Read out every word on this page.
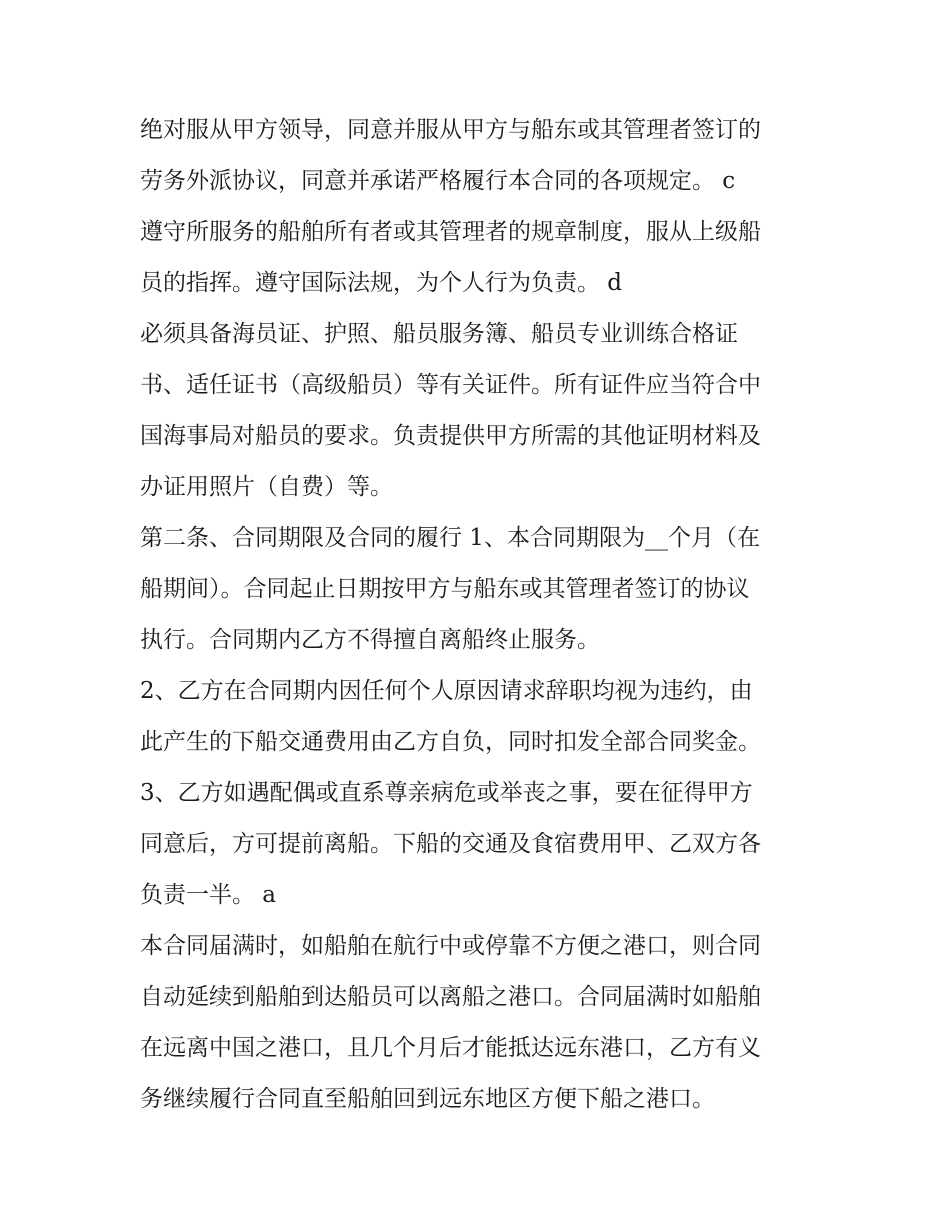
绝对服从甲方领导，同意并服从甲方与船东或其管理者签订的
劳务外派协议，同意并承诺严格履行本合同的各项规定。 c
遵守所服务的船舶所有者或其管理者的规章制度，服从上级船
员的指挥。遵守国际法规，为个人行为负责。 d
必须具备海员证、护照、船员服务簿、船员专业训练合格证
书、适任证书（高级船员）等有关证件。所有证件应当符合中
国海事局对船员的要求。负责提供甲方所需的其他证明材料及
办证用照片（自费）等。
第二条、合同期限及合同的履行 1、本合同期限为__个月（在
船期间）。合同起止日期按甲方与船东或其管理者签订的协议
执行。合同期内乙方不得擅自离船终止服务。
2、乙方在合同期内因任何个人原因请求辞职均视为违约，由
此产生的下船交通费用由乙方自负，同时扣发全部合同奖金。
3、乙方如遇配偶或直系尊亲病危或举丧之事，要在征得甲方
同意后，方可提前离船。下船的交通及食宿费用甲、乙双方各
负责一半。 a
本合同届满时，如船舶在航行中或停靠不方便之港口，则合同
自动延续到船舶到达船员可以离船之港口。合同届满时如船舶
在远离中国之港口，且几个月后才能抵达远东港口，乙方有义
务继续履行合同直至船舶回到远东地区方便下船之港口。
